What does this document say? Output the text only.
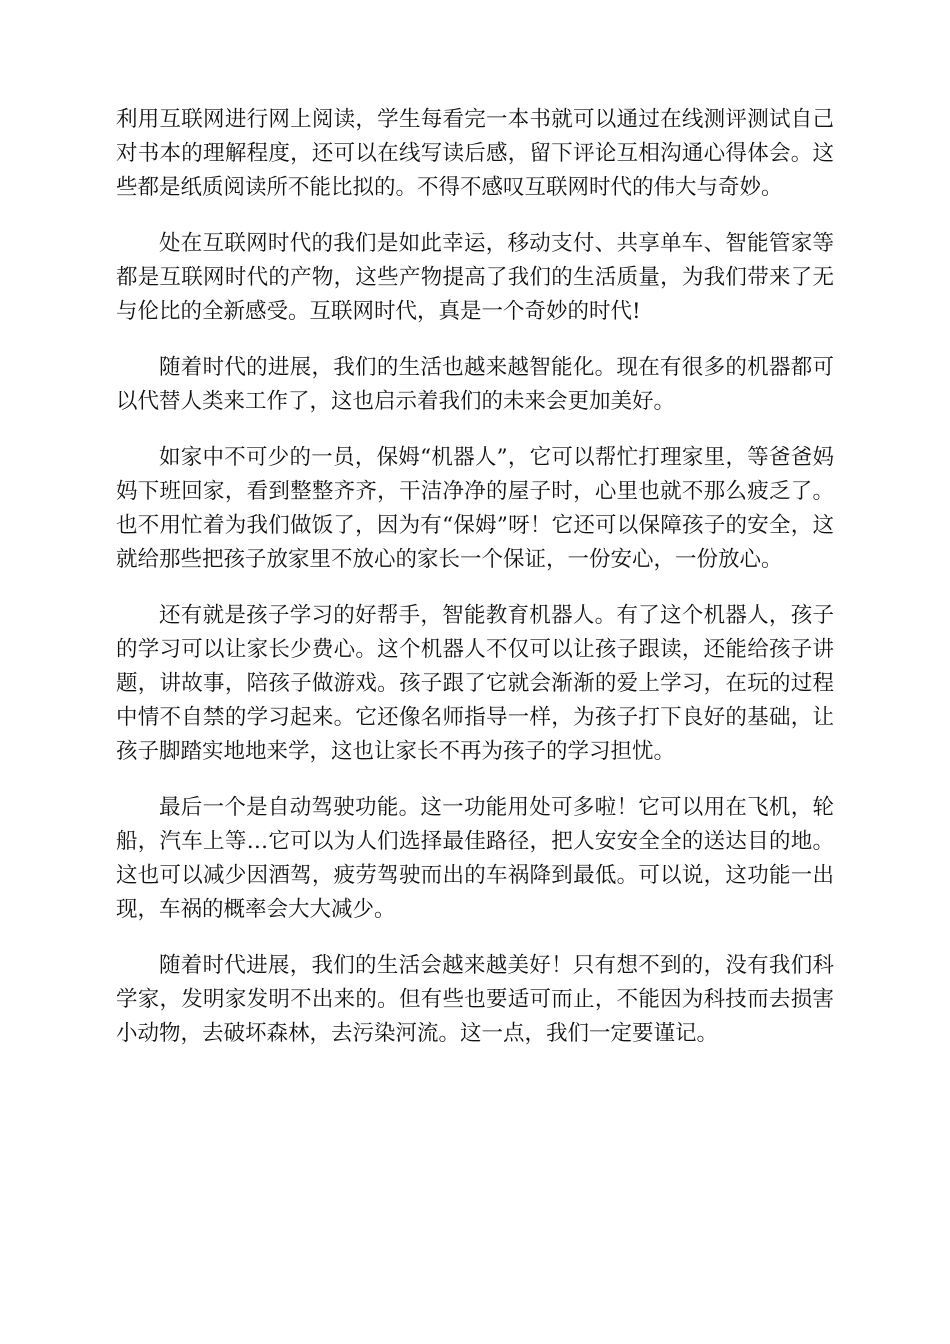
利用互联网进行网上阅读，学生每看完一本书就可以通过在线测评测试自己对书本的理解程度，还可以在线写读后感，留下评论互相沟通心得体会。这些都是纸质阅读所不能比拟的。不得不感叹互联网时代的伟大与奇妙。

处在互联网时代的我们是如此幸运，移动支付、共享单车、智能管家等都是互联网时代的产物，这些产物提高了我们的生活质量，为我们带来了无与伦比的全新感受。互联网时代，真是一个奇妙的时代!

随着时代的进展，我们的生活也越来越智能化。现在有很多的机器都可以代替人类来工作了，这也启示着我们的未来会更加美好。

如家中不可少的一员，保姆“机器人”，它可以帮忙打理家里，等爸爸妈妈下班回家，看到整整齐齐，干洁净净的屋子时，心里也就不那么疲乏了。也不用忙着为我们做饭了，因为有“保姆”呀！它还可以保障孩子的安全，这就给那些把孩子放家里不放心的家长一个保证，一份安心，一份放心。

还有就是孩子学习的好帮手，智能教育机器人。有了这个机器人，孩子的学习可以让家长少费心。这个机器人不仅可以让孩子跟读，还能给孩子讲题，讲故事，陪孩子做游戏。孩子跟了它就会渐渐的爱上学习，在玩的过程中情不自禁的学习起来。它还像名师指导一样，为孩子打下良好的基础，让孩子脚踏实地地来学，这也让家长不再为孩子的学习担忧。

最后一个是自动驾驶功能。这一功能用处可多啦！它可以用在飞机，轮船，汽车上等…它可以为人们选择最佳路径，把人安安全全的送达目的地。这也可以减少因酒驾，疲劳驾驶而出的车祸降到最低。可以说，这功能一出现，车祸的概率会大大减少。

随着时代进展，我们的生活会越来越美好！只有想不到的，没有我们科学家，发明家发明不出来的。但有些也要适可而止，不能因为科技而去损害小动物，去破坏森林，去污染河流。这一点，我们一定要谨记。
